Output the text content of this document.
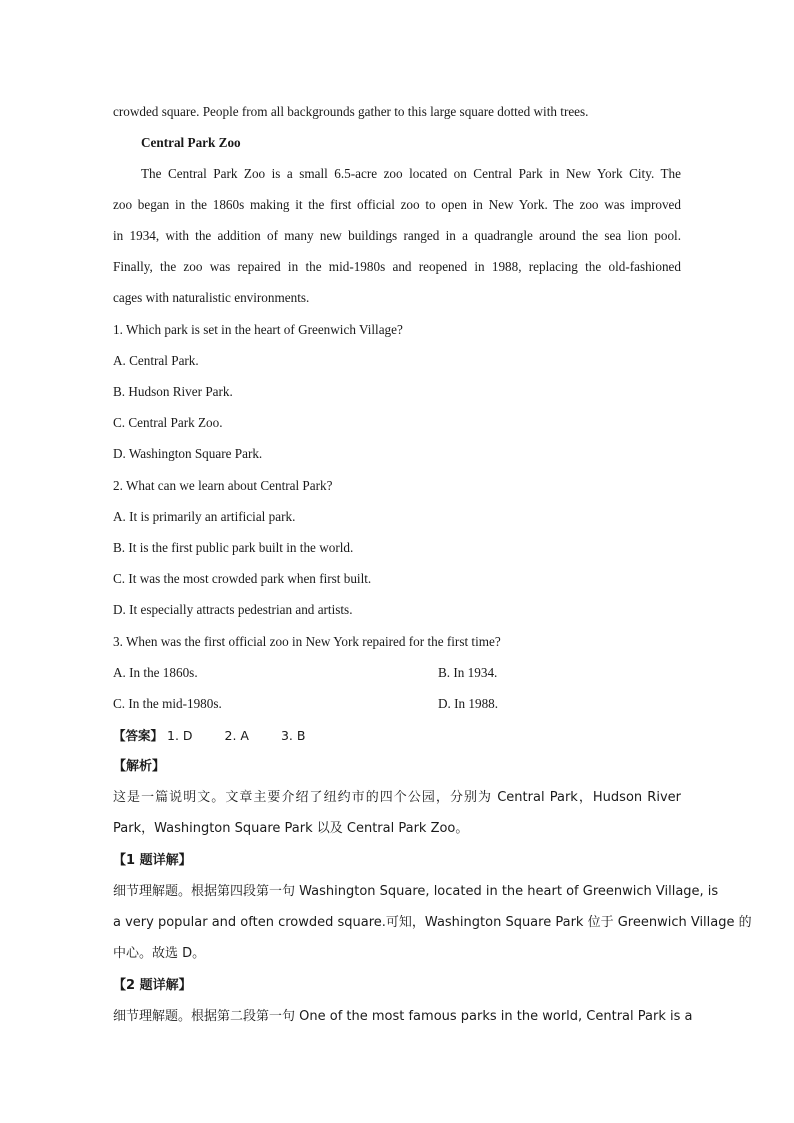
crowded square. People from all backgrounds gather to this large square dotted with trees.
Central Park Zoo
The Central Park Zoo is a small 6.5-acre zoo located on Central Park in New York City. The
zoo began in the 1860s making it the first official zoo to open in New York. The zoo was improved
in 1934, with the addition of many new buildings ranged in a quadrangle around the sea lion pool.
Finally, the zoo was repaired in the mid-1980s and reopened in 1988, replacing the old-fashioned
cages with naturalistic environments.
1. Which park is set in the heart of Greenwich Village?
A. Central Park.
B. Hudson River Park.
C. Central Park Zoo.
D. Washington Square Park.
2. What can we learn about Central Park?
A. It is primarily an artificial park.
B. It is the first public park built in the world.
C. It was the most crowded park when first built.
D. It especially attracts pedestrian and artists.
3. When was the first official zoo in New York repaired for the first time?
A. In the 1860s.	B. In 1934.
C. In the mid-1980s.	D. In 1988.
【答案】 1. D	2. A	3. B
【解析】
这是一篇说明文。文章主要介绍了纽约市的四个公园，分别为 Central Park，Hudson River
Park，Washington Square Park 以及 Central Park Zoo。
【1 题详解】
细节理解题。根据第四段第一句 Washington Square, located in the heart of Greenwich Village, is
a very popular and often crowded square.可知，Washington Square Park 位于 Greenwich Village 的
中心。故选 D。
【2 题详解】
细节理解题。根据第二段第一句 One of the most famous parks in the world, Central Park is a
